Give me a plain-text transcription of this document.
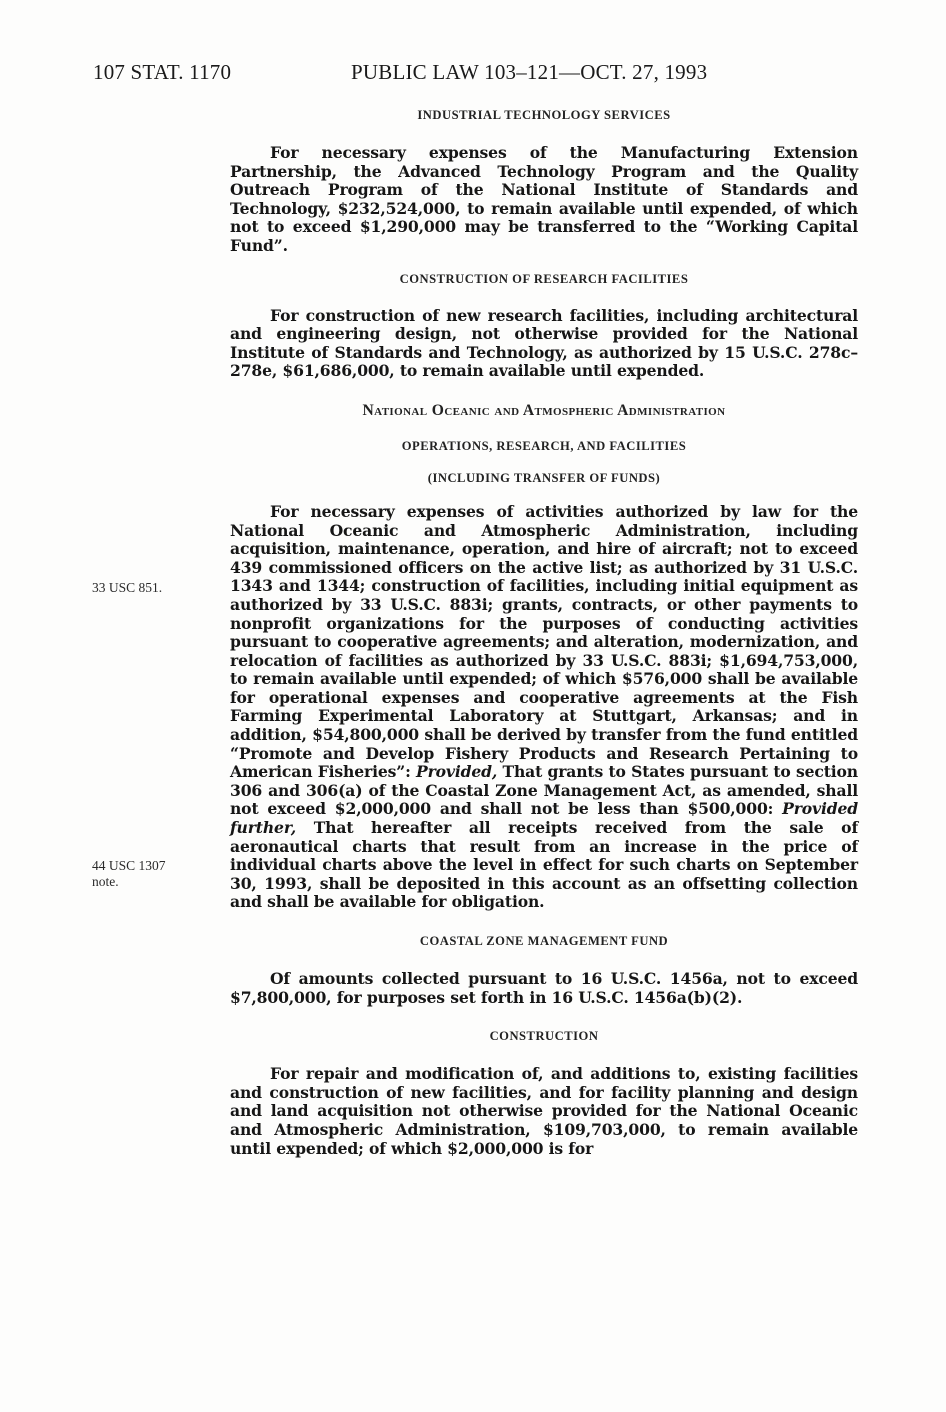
107 STAT. 1170	PUBLIC LAW 103–121—OCT. 27, 1993

INDUSTRIAL TECHNOLOGY SERVICES

For necessary expenses of the Manufacturing Extension Partnership, the Advanced Technology Program and the Quality Outreach Program of the National Institute of Standards and Technology, $232,524,000, to remain available until expended, of which not to exceed $1,290,000 may be transferred to the “Working Capital Fund”.

CONSTRUCTION OF RESEARCH FACILITIES

For construction of new research facilities, including architectural and engineering design, not otherwise provided for the National Institute of Standards and Technology, as authorized by 15 U.S.C. 278c–278e, $61,686,000, to remain available until expended.

National Oceanic and Atmospheric Administration

OPERATIONS, RESEARCH, AND FACILITIES

(INCLUDING TRANSFER OF FUNDS)

For necessary expenses of activities authorized by law for the National Oceanic and Atmospheric Administration, including acquisition, maintenance, operation, and hire of aircraft; not to exceed 439 commissioned officers on the active list; as authorized by 31 U.S.C. 1343 and 1344; construction of facilities, including initial equipment as authorized by 33 U.S.C. 883i; grants, contracts, or other payments to nonprofit organizations for the purposes of conducting activities pursuant to cooperative agreements; and alteration, modernization, and relocation of facilities as authorized by 33 U.S.C. 883i; $1,694,753,000, to remain available until expended; of which $576,000 shall be available for operational expenses and cooperative agreements at the Fish Farming Experimental Laboratory at Stuttgart, Arkansas; and in addition, $54,800,000 shall be derived by transfer from the fund entitled “Promote and Develop Fishery Products and Research Pertaining to American Fisheries”: Provided, That grants to States pursuant to section 306 and 306(a) of the Coastal Zone Management Act, as amended, shall not exceed $2,000,000 and shall not be less than $500,000: Provided further, That hereafter all receipts received from the sale of aeronautical charts that result from an increase in the price of individual charts above the level in effect for such charts on September 30, 1993, shall be deposited in this account as an offsetting collection and shall be available for obligation.

COASTAL ZONE MANAGEMENT FUND

Of amounts collected pursuant to 16 U.S.C. 1456a, not to exceed $7,800,000, for purposes set forth in 16 U.S.C. 1456a(b)(2).

CONSTRUCTION

For repair and modification of, and additions to, existing facilities and construction of new facilities, and for facility planning and design and land acquisition not otherwise provided for the National Oceanic and Atmospheric Administration, $109,703,000, to remain available until expended; of which $2,000,000 is for

33 USC 851.
44 USC 1307
note.
